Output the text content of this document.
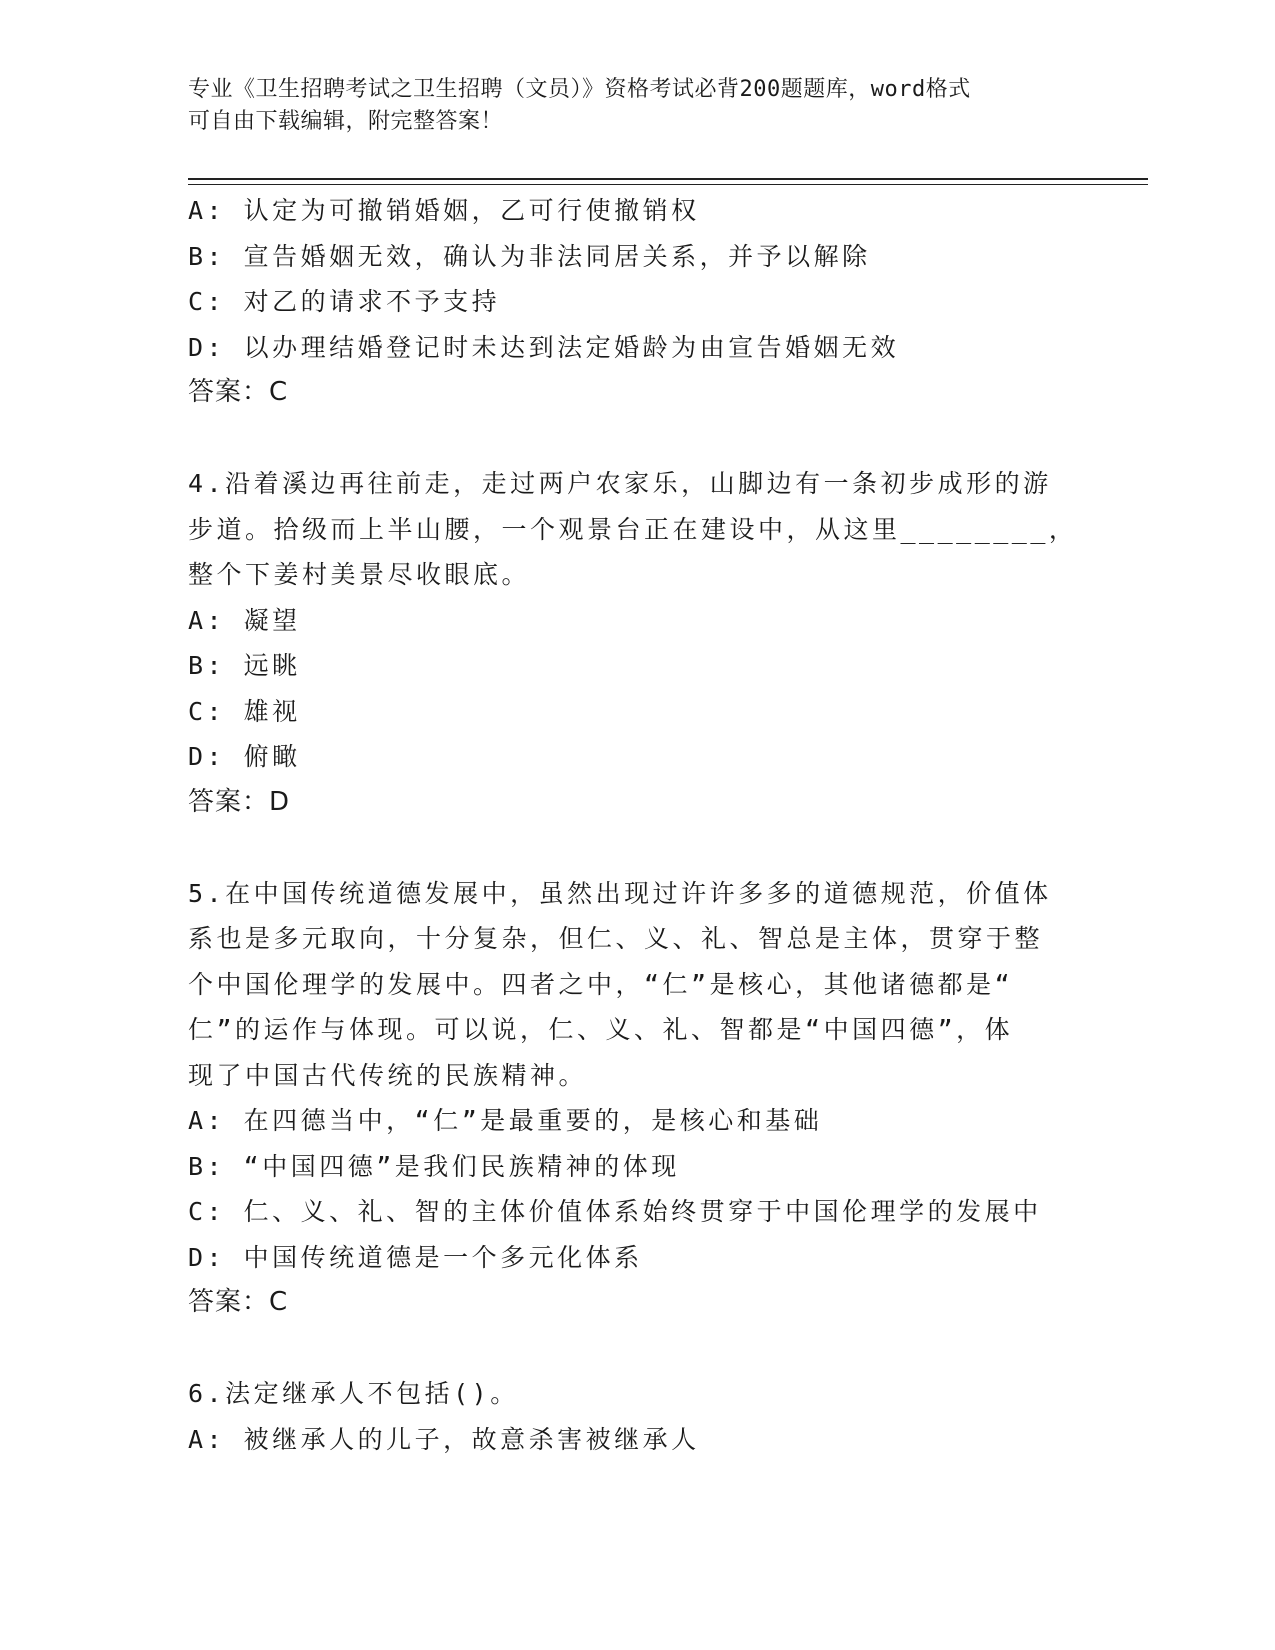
专业《卫生招聘考试之卫生招聘（文员）》资格考试必背200题题库，word格式
可自由下载编辑，附完整答案！
A: 认定为可撤销婚姻，乙可行使撤销权
B: 宣告婚姻无效，确认为非法同居关系，并予以解除
C: 对乙的请求不予支持
D: 以办理结婚登记时未达到法定婚龄为由宣告婚姻无效
答案：C
4.沿着溪边再往前走，走过两户农家乐，山脚边有一条初步成形的游
步道。拾级而上半山腰，一个观景台正在建设中，从这里________，
整个下姜村美景尽收眼底。
A: 凝望
B: 远眺
C: 雄视
D: 俯瞰
答案：D
5.在中国传统道德发展中，虽然出现过许许多多的道德规范，价值体
系也是多元取向，十分复杂，但仁、义、礼、智总是主体，贯穿于整
个中国伦理学的发展中。四者之中，“仁”是核心，其他诸德都是“
仁”的运作与体现。可以说，仁、义、礼、智都是“中国四德”，体
现了中国古代传统的民族精神。
A: 在四德当中，“仁”是最重要的，是核心和基础
B: “中国四德”是我们民族精神的体现
C: 仁、义、礼、智的主体价值体系始终贯穿于中国伦理学的发展中
D: 中国传统道德是一个多元化体系
答案：C
6.法定继承人不包括()。
A: 被继承人的儿子，故意杀害被继承人
